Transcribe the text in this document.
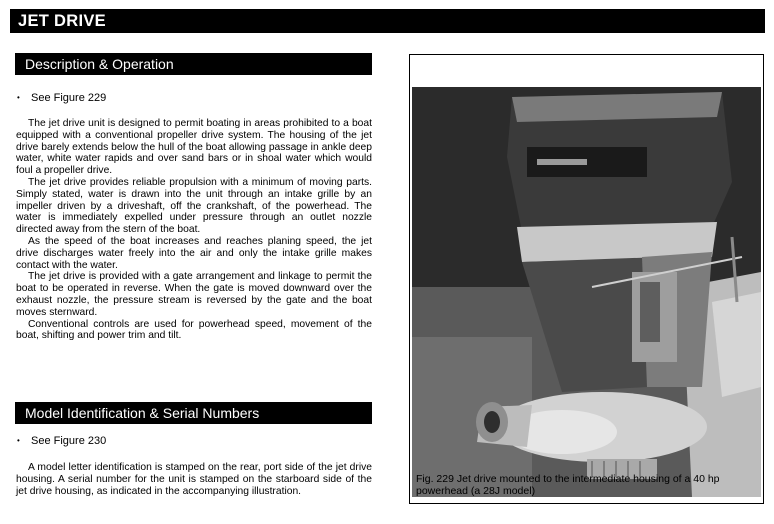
JET DRIVE
Description & Operation
• See Figure 229

The jet drive unit is designed to permit boating in areas prohibited to a boat equipped with a conventional propeller drive system. The housing of the jet drive barely extends below the hull of the boat allowing passage in ankle deep water, white water rapids and over sand bars or in shoal water which would foul a propeller drive.

The jet drive provides reliable propulsion with a minimum of moving parts. Simply stated, water is drawn into the unit through an intake grille by an impeller driven by a driveshaft, off the crankshaft, of the powerhead. The water is immediately expelled under pressure through an outlet nozzle directed away from the stern of the boat.

As the speed of the boat increases and reaches planing speed, the jet drive discharges water freely into the air and only the intake grille makes contact with the water.

The jet drive is provided with a gate arrangement and linkage to permit the boat to be operated in reverse. When the gate is moved downward over the exhaust nozzle, the pressure stream is reversed by the gate and the boat moves sternward.

Conventional controls are used for powerhead speed, movement of the boat, shifting and power trim and tilt.

Model Identification & Serial Numbers
• See Figure 230

A model letter identification is stamped on the rear, port side of the jet drive housing. A serial number for the unit is stamped on the starboard side of the jet drive housing, as indicated in the accompanying illustration.

Fig. 229 Jet drive mounted to the intermediate housing of a 40 hp powerhead (a 28J model)
